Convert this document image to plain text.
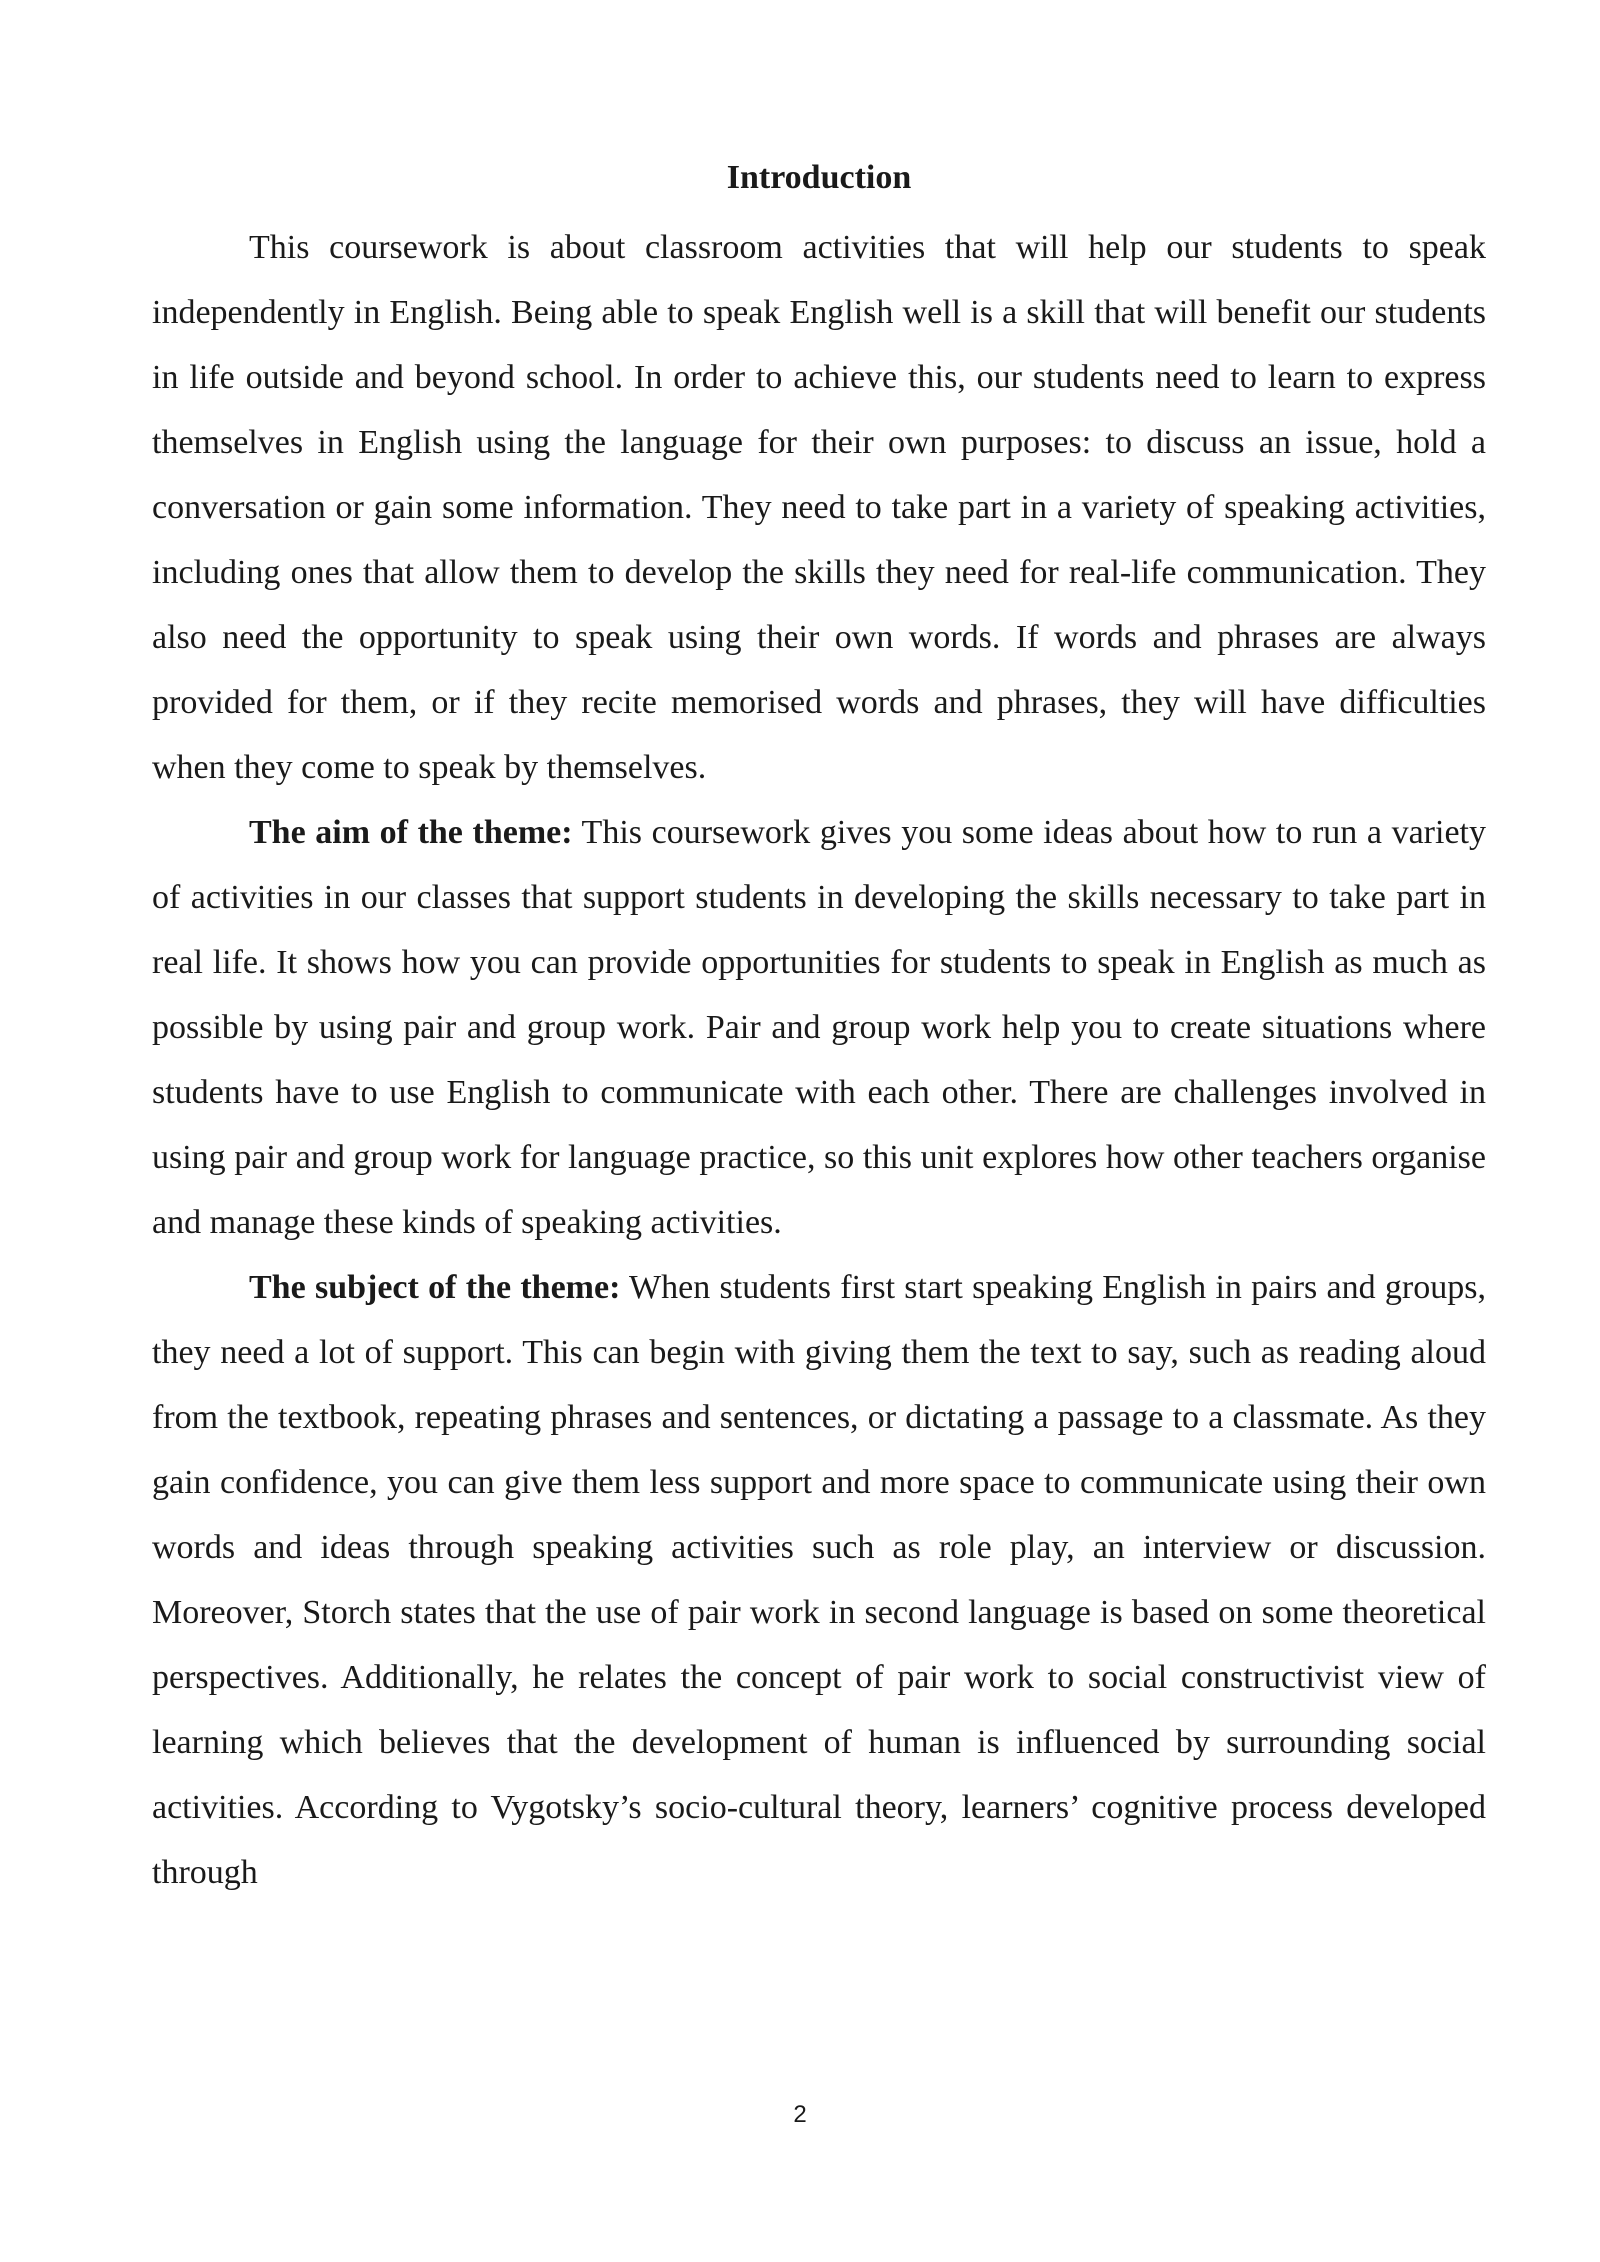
Introduction

This coursework is about classroom activities that will help our students to speak independently in English. Being able to speak English well is a skill that will benefit our students in life outside and beyond school. In order to achieve this, our students need to learn to express themselves in English using the language for their own purposes: to discuss an issue, hold a conversation or gain some information. They need to take part in a variety of speaking activities, including ones that allow them to develop the skills they need for real-life communication. They also need the opportunity to speak using their own words. If words and phrases are always provided for them, or if they recite memorised words and phrases, they will have difficulties when they come to speak by themselves.

The aim of the theme: This coursework gives you some ideas about how to run a variety of activities in our classes that support students in developing the skills necessary to take part in real life. It shows how you can provide opportunities for students to speak in English as much as possible by using pair and group work. Pair and group work help you to create situations where students have to use English to communicate with each other. There are challenges involved in using pair and group work for language practice, so this unit explores how other teachers organise and manage these kinds of speaking activities.

The subject of the theme: When students first start speaking English in pairs and groups, they need a lot of support. This can begin with giving them the text to say, such as reading aloud from the textbook, repeating phrases and sentences, or dictating a passage to a classmate. As they gain confidence, you can give them less support and more space to communicate using their own words and ideas through speaking activities such as role play, an interview or discussion. Moreover, Storch states that the use of pair work in second language is based on some theoretical perspectives. Additionally, he relates the concept of pair work to social constructivist view of learning which believes that the development of human is influenced by surrounding social activities. According to Vygotsky’s socio-cultural theory, learners’ cognitive process developed through

2
